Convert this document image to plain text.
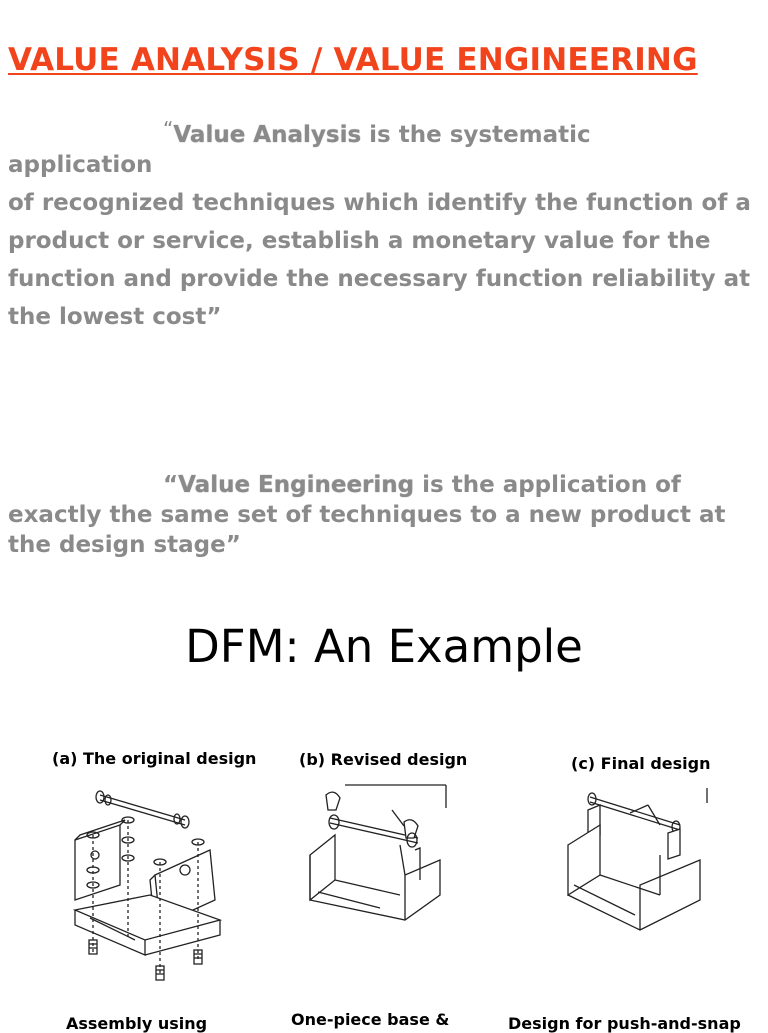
VALUE ANALYSIS / VALUE ENGINEERING
“Value Analysis is the systematic
application
of recognized techniques which identify the function of a
product or service, establish a monetary value for the
function and provide the necessary function reliability at
the lowest cost”
“Value Engineering is the application of exactly the same set of techniques to a new product at the design stage”
DFM: An Example
(a) The original design	(b) Revised design	(c) Final design
Assembly using	One-piece base &	Design for push-and-snap
